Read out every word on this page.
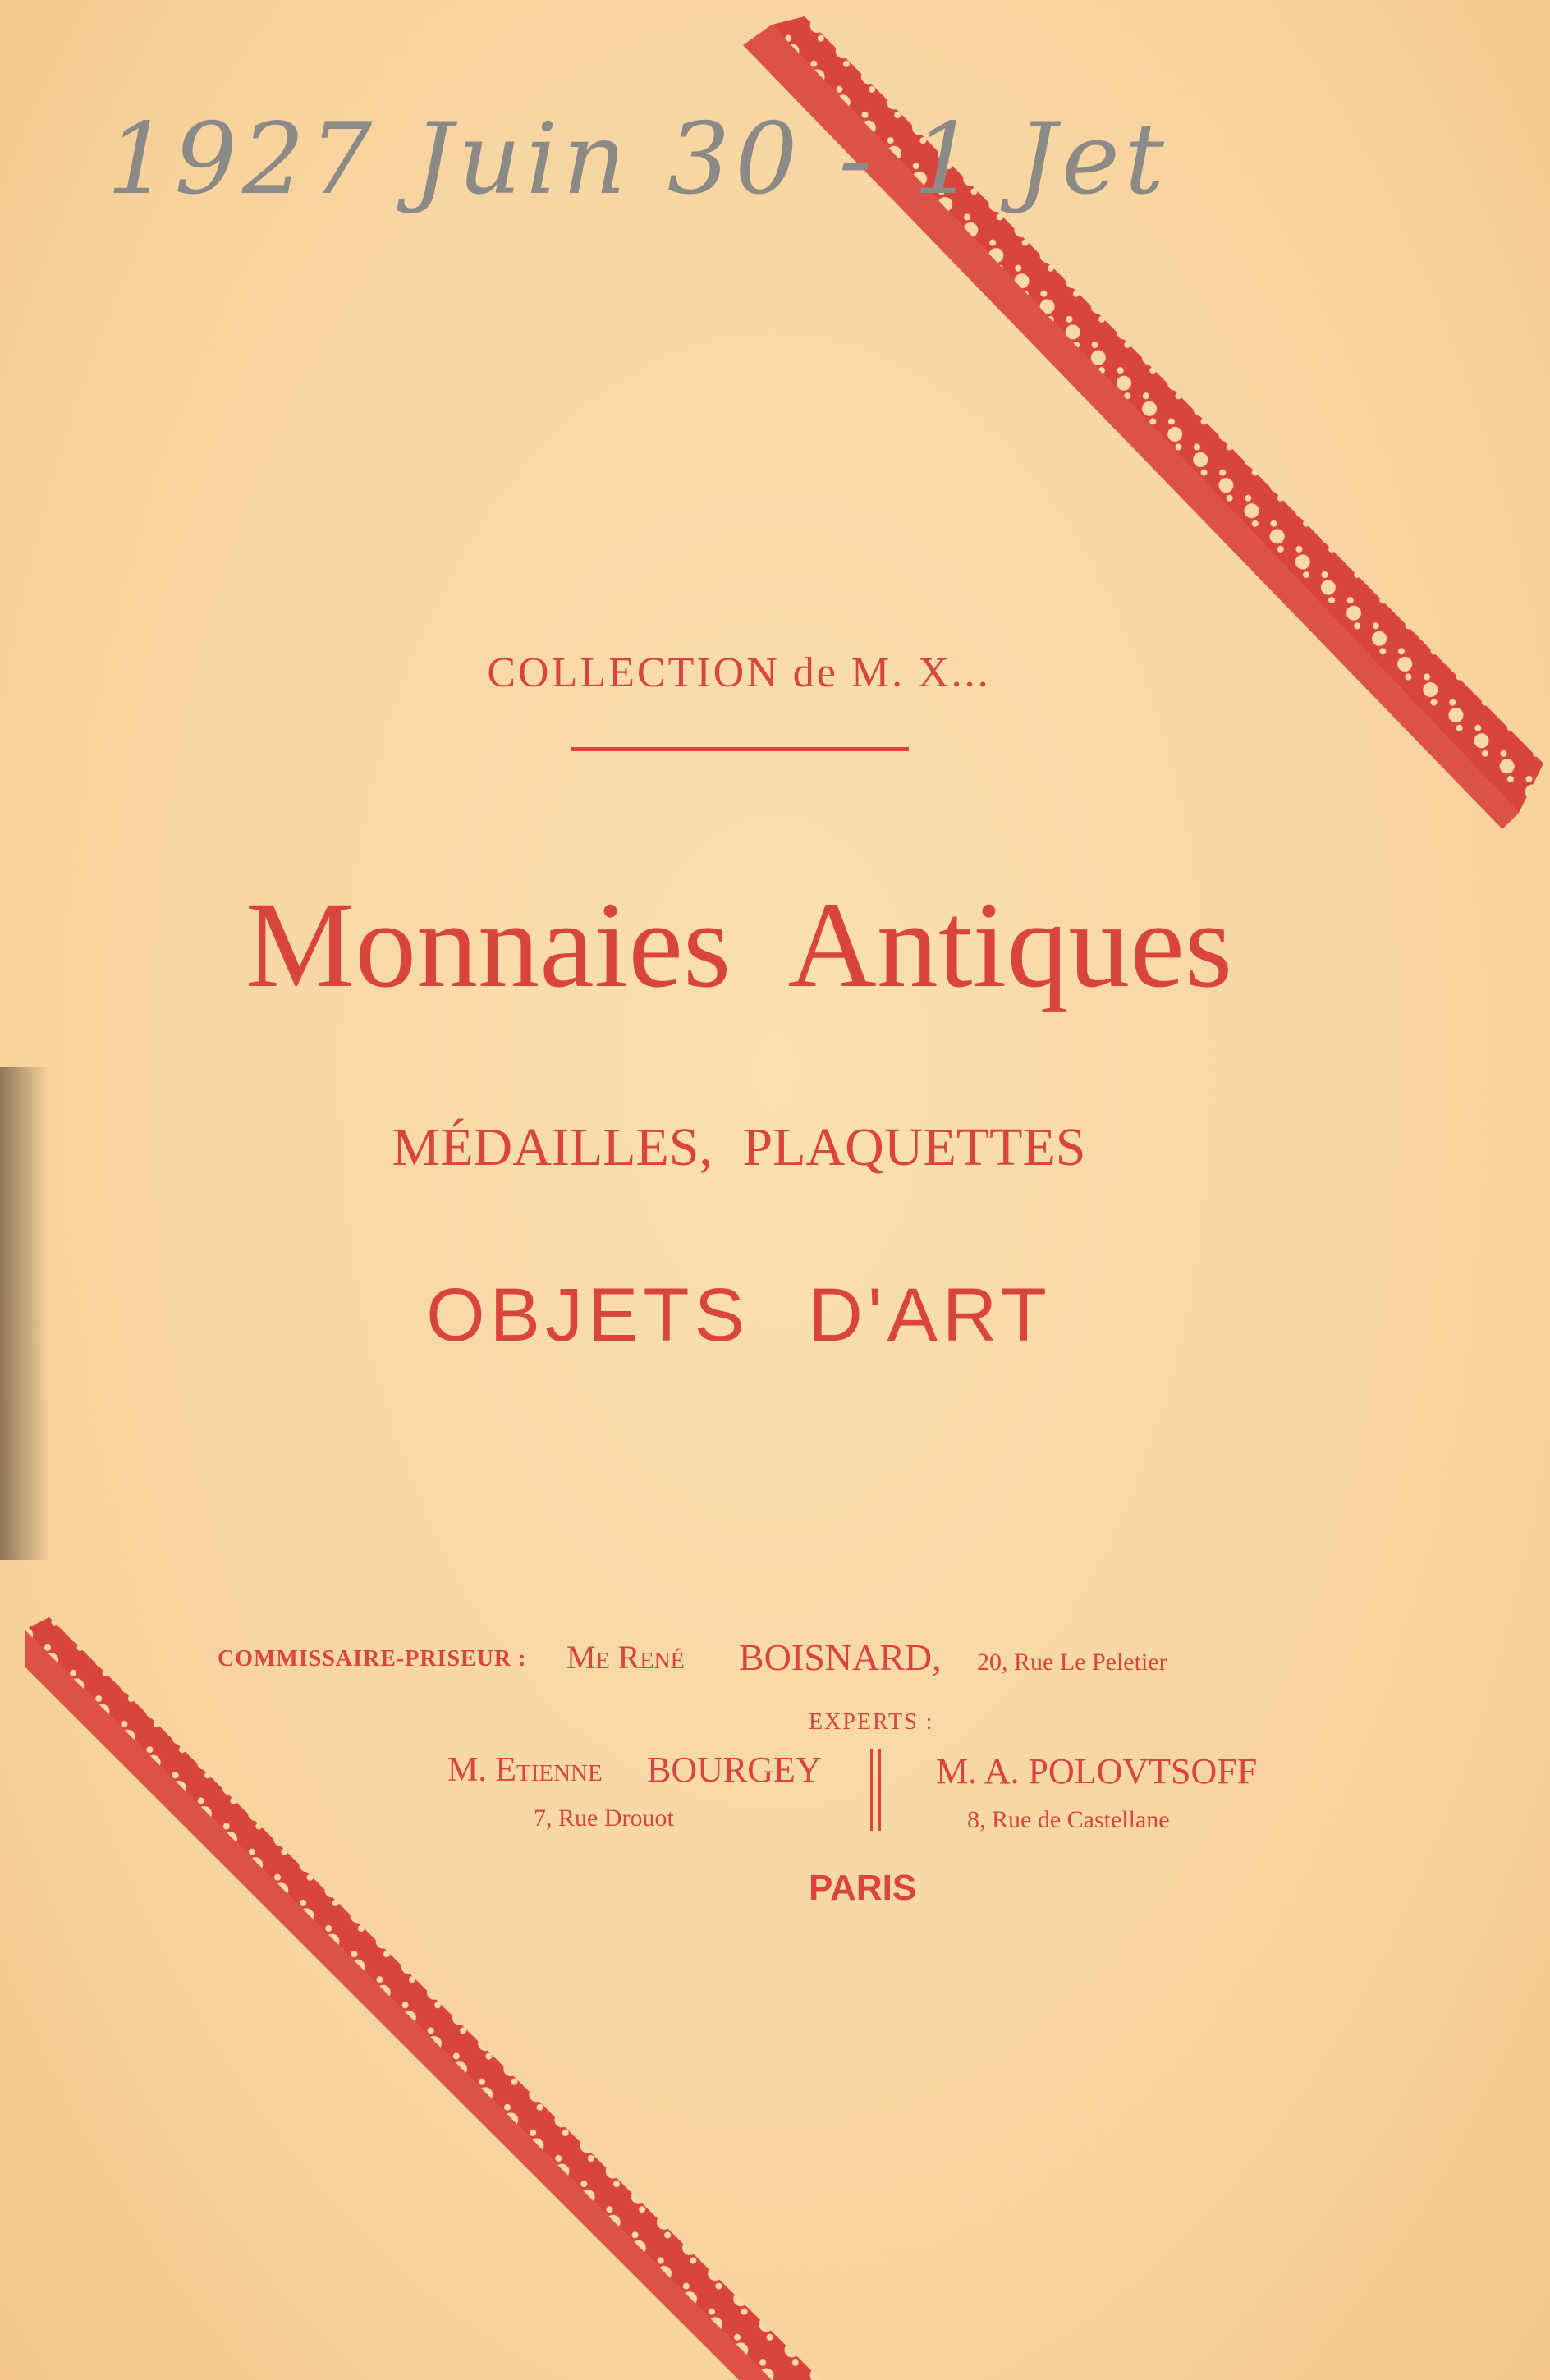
1927 Juin 30 - 1 Jet
COLLECTION de M. X...
Monnaies Antiques
MÉDAILLES, PLAQUETTES
OBJETS D'ART
COMMISSAIRE-PRISEUR : Me René BOISNARD, 20, Rue Le Peletier
EXPERTS :
M. Etienne BOURGEY
7, Rue Drouot
M. A. POLOVTSOFF
8, Rue de Castellane
PARIS
